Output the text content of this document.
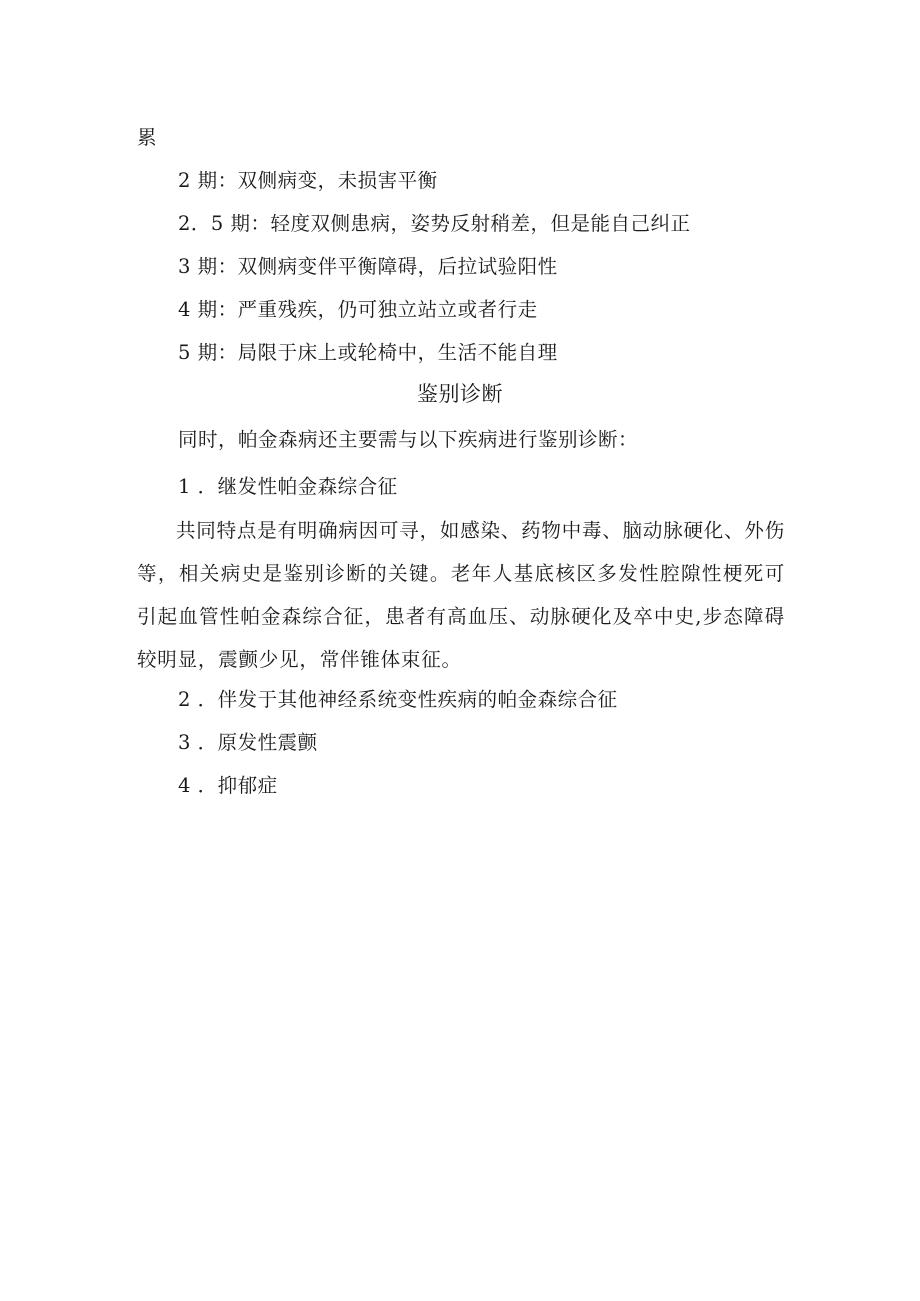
累
2 期：双侧病变，未损害平衡
2．5 期：轻度双侧患病，姿势反射稍差，但是能自己纠正
3 期：双侧病变伴平衡障碍，后拉试验阳性
4 期：严重残疾，仍可独立站立或者行走
5 期：局限于床上或轮椅中，生活不能自理
鉴别诊断
同时，帕金森病还主要需与以下疾病进行鉴别诊断：
1 ．继发性帕金森综合征
共同特点是有明确病因可寻，如感染、药物中毒、脑动脉硬化、外伤等，相关病史是鉴别诊断的关键。老年人基底核区多发性腔隙性梗死可引起血管性帕金森综合征，患者有高血压、动脉硬化及卒中史,步态障碍较明显，震颤少见，常伴锥体束征。
2 ．伴发于其他神经系统变性疾病的帕金森综合征
3 ．原发性震颤
4 ．抑郁症
